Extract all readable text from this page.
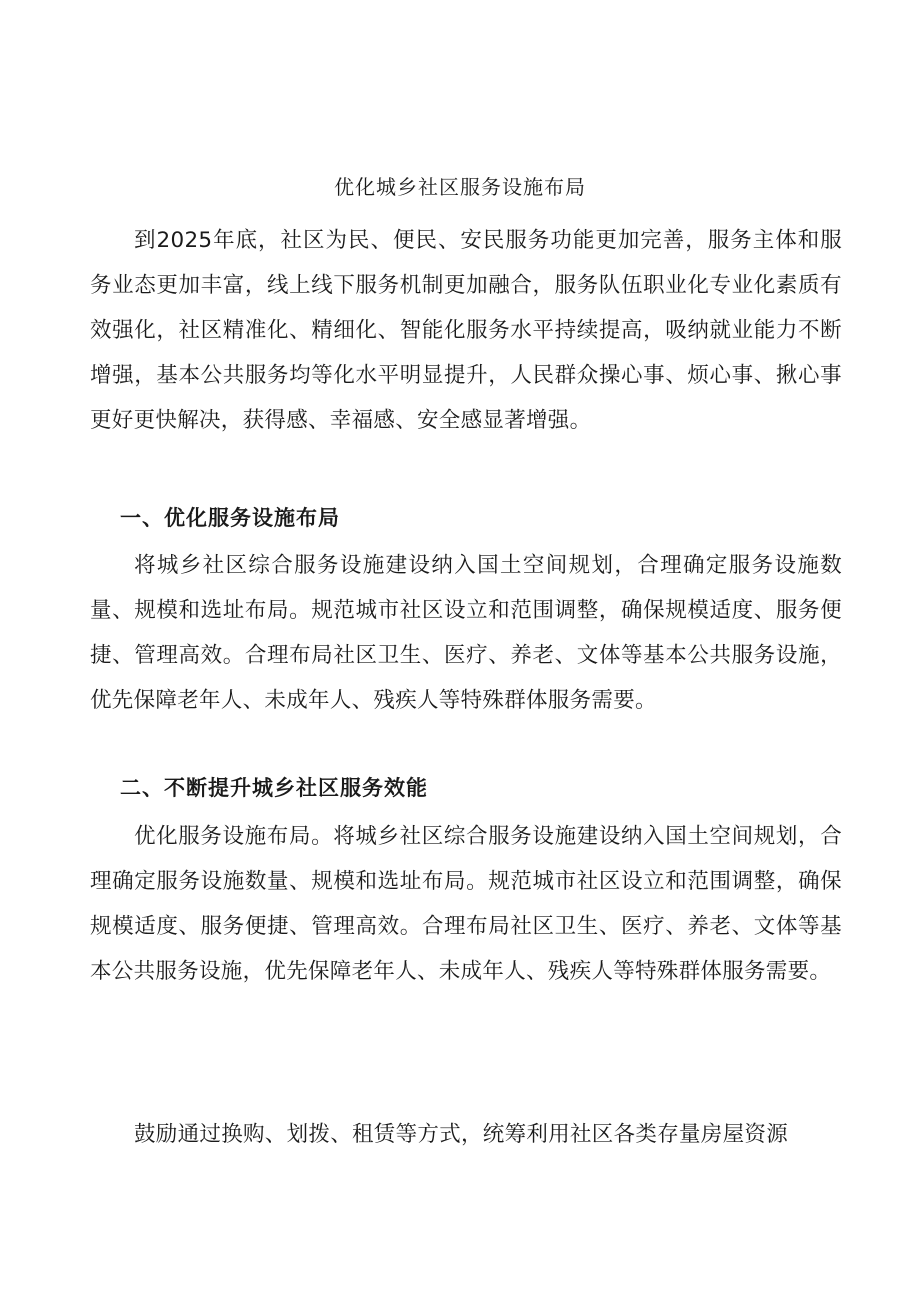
优化城乡社区服务设施布局

到2025年底，社区为民、便民、安民服务功能更加完善，服务主体和服务业态更加丰富，线上线下服务机制更加融合，服务队伍职业化专业化素质有效强化，社区精准化、精细化、智能化服务水平持续提高，吸纳就业能力不断增强，基本公共服务均等化水平明显提升，人民群众操心事、烦心事、揪心事更好更快解决，获得感、幸福感、安全感显著增强。

一、优化服务设施布局

将城乡社区综合服务设施建设纳入国土空间规划，合理确定服务设施数量、规模和选址布局。规范城市社区设立和范围调整，确保规模适度、服务便捷、管理高效。合理布局社区卫生、医疗、养老、文体等基本公共服务设施，优先保障老年人、未成年人、残疾人等特殊群体服务需要。

二、不断提升城乡社区服务效能

优化服务设施布局。将城乡社区综合服务设施建设纳入国土空间规划，合理确定服务设施数量、规模和选址布局。规范城市社区设立和范围调整，确保规模适度、服务便捷、管理高效。合理布局社区卫生、医疗、养老、文体等基本公共服务设施，优先保障老年人、未成年人、残疾人等特殊群体服务需要。

鼓励通过换购、划拨、租赁等方式，统筹利用社区各类存量房屋资源
